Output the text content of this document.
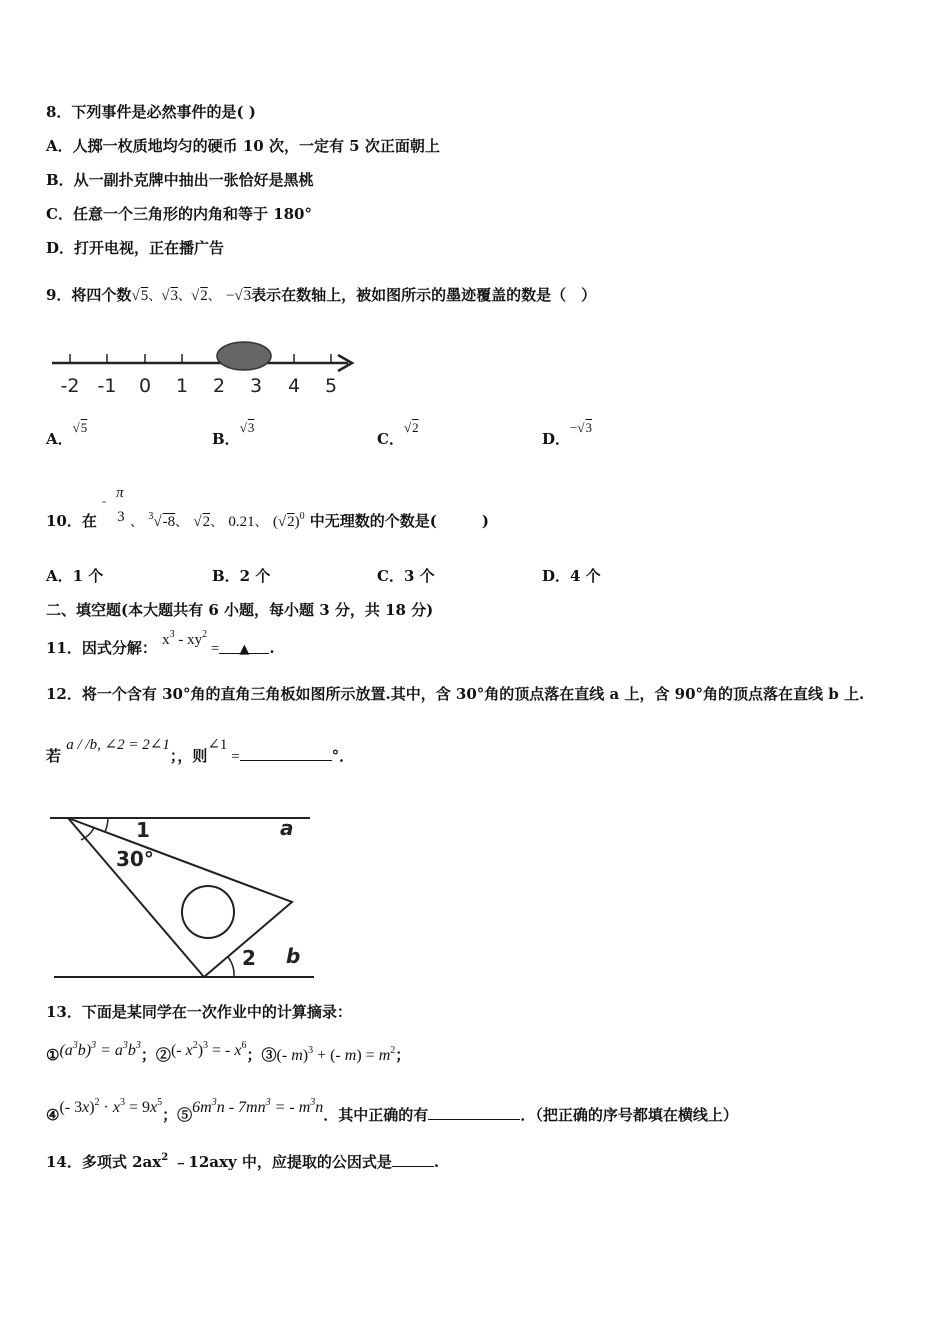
8．下列事件是必然事件的是( )
A．人掷一枚质地均匀的硬币 10 次，一定有 5 次正面朝上
B．从一副扑克牌中抽出一张恰好是黑桃
C．任意一个三角形的内角和等于 180°
D．打开电视，正在播广告
9．将四个数√5、√3、√2、 −√3表示在数轴上，被如图所示的墨迹覆盖的数是（　）
-2 -1 0 1 2 3 4 5
A．√5
B．√3
C．√2
D．−√3
10．在
- π
3 、 $^3$√-8、 √2、 0.21、 $(√2)^0$ 中无理数的个数是(　　　)
A．1 个	B．2 个	C．3 个	D．4 个
二、填空题(本大题共有 6 小题，每小题 3 分，共 18 分)
11．因式分解： $x^3 - xy^2$ = ▲ .
12．将一个含有 30°角的直角三角板如图所示放置.其中，含 30°角的顶点落在直线 a 上，含 90°角的顶点落在直线 b 上.
若 a / /b, ∠2 = 2∠1；，则∠1 =	°．
1
30°
2
a
b
13．下面是某同学在一次作业中的计算摘录：
$①(a^3b)^3 = a^3b^3$；②(- $x^2)^3$ = - $x^6$；③(- m)$^3$ + (- $m) = m^2$；
④(- $3x)^2 \cdot x^3 = 9x^5$；$⑤6m^3n - 7mn^3$ = - $m^3n$．其中正确的有	．（把正确的序号都填在横线上）
14．多项式 $2ax^2$ ﹣12axy 中，应提取的公因式是	.
